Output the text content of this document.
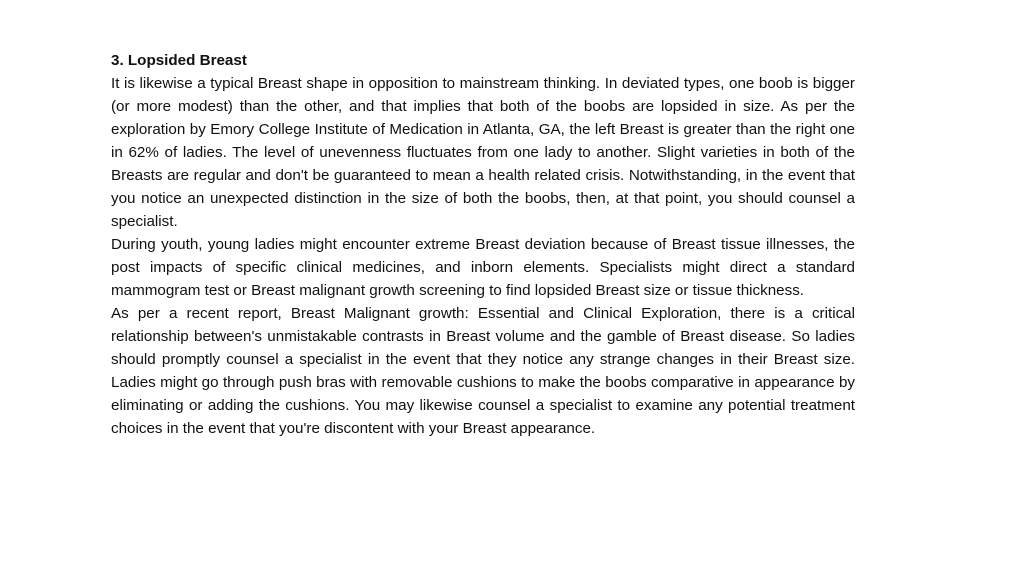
3. Lopsided Breast

It is likewise a typical Breast shape in opposition to mainstream thinking. In deviated types, one boob is bigger (or more modest) than the other, and that implies that both of the boobs are lopsided in size. As per the exploration by Emory College Institute of Medication in Atlanta, GA, the left Breast is greater than the right one in 62% of ladies. The level of unevenness fluctuates from one lady to another. Slight varieties in both of the Breasts are regular and don't be guaranteed to mean a health related crisis. Notwithstanding, in the event that you notice an unexpected distinction in the size of both the boobs, then, at that point, you should counsel a specialist.

During youth, young ladies might encounter extreme Breast deviation because of Breast tissue illnesses, the post impacts of specific clinical medicines, and inborn elements. Specialists might direct a standard mammogram test or Breast malignant growth screening to find lopsided Breast size or tissue thickness.

As per a recent report, Breast Malignant growth: Essential and Clinical Exploration, there is a critical relationship between's unmistakable contrasts in Breast volume and the gamble of Breast disease. So ladies should promptly counsel a specialist in the event that they notice any strange changes in their Breast size. Ladies might go through push bras with removable cushions to make the boobs comparative in appearance by eliminating or adding the cushions. You may likewise counsel a specialist to examine any potential treatment choices in the event that you're discontent with your Breast appearance.
